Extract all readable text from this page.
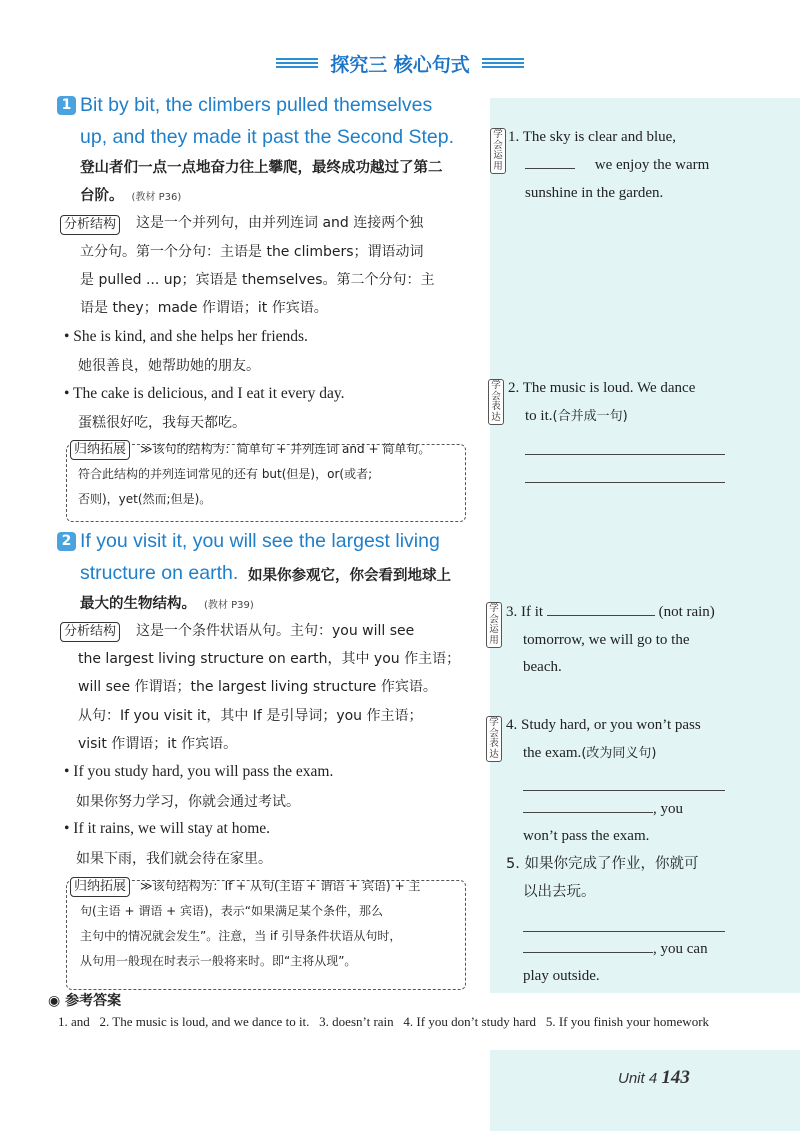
探究三 核心句式
1 Bit by bit, the climbers pulled themselves
up, and they made it past the Second Step.
登山者们一点一点地奋力往上攀爬，最终成功越过了第二
台阶。 (教材 P36)
分析结构 这是一个并列句，由并列连词 and 连接两个独
立分句。第一个分句：主语是 the climbers；谓语动词
是 pulled ... up；宾语是 themselves。第二个分句：主
语是 they；made 作谓语；it 作宾语。
• She is kind, and she helps her friends.
她很善良，她帮助她的朋友。
• The cake is delicious, and I eat it every day.
蛋糕很好吃，我每天都吃。
归纳拓展	≫该句的结构为：简单句 + 并列连词 and + 简单句。
符合此结构的并列连词常见的还有 but(但是)，or(或者;
否则)，yet(然而;但是)。
2 If you visit it, you will see the largest living
structure on earth. 如果你参观它，你会看到地球上
最大的生物结构。 (教材 P39)
分析结构 这是一个条件状语从句。主句：you will see
the largest living structure on earth，其中 you 作主语；
will see 作谓语；the largest living structure 作宾语。
从句：If you visit it，其中 If 是引导词；you 作主语；
visit 作谓语；it 作宾语。
• If you study hard, you will pass the exam.
如果你努力学习，你就会通过考试。
• If it rains, we will stay at home.
如果下雨，我们就会待在家里。
归纳拓展	≫该句结构为：If + 从句(主语 + 谓语 + 宾语) + 主
句(主语 + 谓语 + 宾语)，表示“如果满足某个条件，那么
主句中的情况就会发生”。注意，当 if 引导条件状语从句时，
从句用一般现在时表示一般将来时。即“主将从现”。
学会运用
1. The sky is clear and blue,
we enjoy the warm
sunshine in the garden.
学会表达
2. The music is loud. We dance
to it.(合并成一句)
学会运用
3. If it	(not rain)
tomorrow, we will go to the
beach.
学会表达
4. Study hard, or you won’t pass
the exam.(改为同义句)
, you
won’t pass the exam.
5. 如果你完成了作业，你就可
以出去玩。
, you can
play outside.
◉ 参考答案
1. and 2. The music is loud, and we dance to it. 3. doesn’t rain 4. If you don’t study hard 5. If you finish your homework
Unit 4 143
